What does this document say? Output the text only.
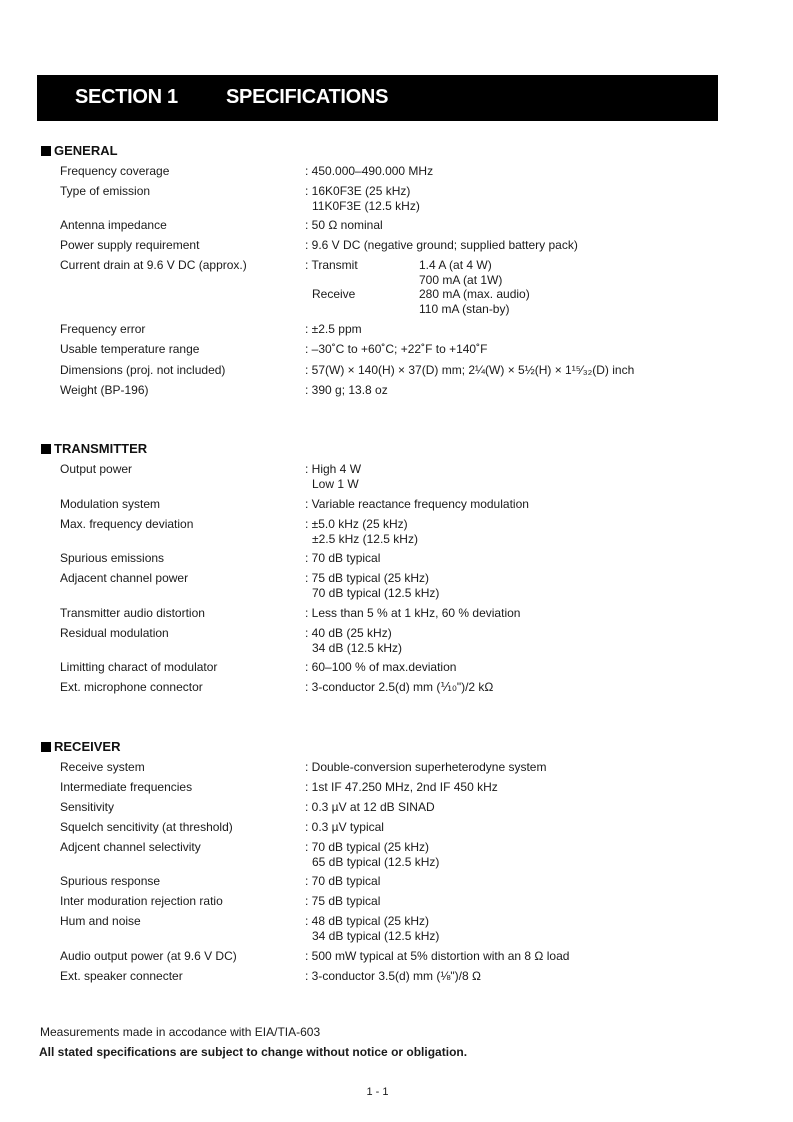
SECTION 1 SPECIFICATIONS
GENERAL
Frequency coverage	: 450.000–490.000 MHz
Type of emission	: 16K0F3E (25 kHz)
11K0F3E (12.5 kHz)
Antenna impedance	: 50 Ω nominal
Power supply requirement	: 9.6 V DC (negative ground; supplied battery pack)
Current drain at 9.6 V DC (approx.)	: Transmit	1.4 A (at 4 W)
700 mA (at 1W)
Receive	280 mA (max. audio)
110 mA (stan-by)
Frequency error	: ±2.5 ppm
Usable temperature range	: –30˚C to +60˚C; +22˚F to +140˚F
Dimensions (proj. not included)	: 57(W) × 140(H) × 37(D) mm; 2¼(W) × 5½(H) × 1¹⁵⁄₃₂(D) inch
Weight (BP-196)	: 390 g; 13.8 oz
TRANSMITTER
Output power	: High 4 W
Low 1 W
Modulation system	: Variable reactance frequency modulation
Max. frequency deviation	: ±5.0 kHz (25 kHz)
±2.5 kHz (12.5 kHz)
Spurious emissions	: 70 dB typical
Adjacent channel power	: 75 dB typical (25 kHz)
70 dB typical (12.5 kHz)
Transmitter audio distortion	: Less than 5 % at 1 kHz, 60 % deviation
Residual modulation	: 40 dB (25 kHz)
34 dB (12.5 kHz)
Limitting charact of modulator	: 60–100 % of max.deviation
Ext. microphone connector	: 3-conductor 2.5(d) mm (⅒")/2 kΩ
RECEIVER
Receive system	: Double-conversion superheterodyne system
Intermediate frequencies	: 1st IF 47.250 MHz, 2nd IF 450 kHz
Sensitivity	: 0.3 µV at 12 dB SINAD
Squelch sencitivity (at threshold)	: 0.3 µV typical
Adjcent channel selectivity	: 70 dB typical (25 kHz)
65 dB typical (12.5 kHz)
Spurious response	: 70 dB typical
Inter moduration rejection ratio	: 75 dB typical
Hum and noise	: 48 dB typical (25 kHz)
34 dB typical (12.5 kHz)
Audio output power (at 9.6 V DC)	: 500 mW typical at 5% distortion with an 8 Ω load
Ext. speaker connecter	: 3-conductor 3.5(d) mm (⅛")/8 Ω
Measurements made in accodance with EIA/TIA-603
All stated specifications are subject to change without notice or obligation.
1 - 1
